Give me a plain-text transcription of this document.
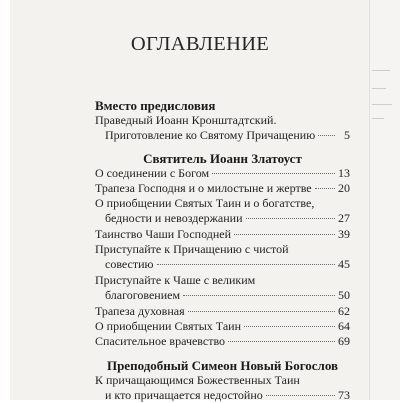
ОГЛАВЛЕНИЕ
Вместо предисловия
Праведный Иоанн Кронштадтский.
Приготовление ко Святому Причащению	5
Святитель Иоанн Златоуст
О соединении с Богом	13
Трапеза Господня и о милостыне и жертве 20
О приобщении Святых Таин и о богатстве,
бедности и невоздержании	27
Таинство Чаши Господней	39
Приступайте к Причащению с чистой
совестию	45
Приступайте к Чаше с великим
благоговением	50
Трапеза духовная	62
О приобщении Святых Таин	64
Спасительное врачевство	69
Преподобный Симеон Новый Богослов
К причащающимся Божественных Таин
и кто причащается недостойно	73
